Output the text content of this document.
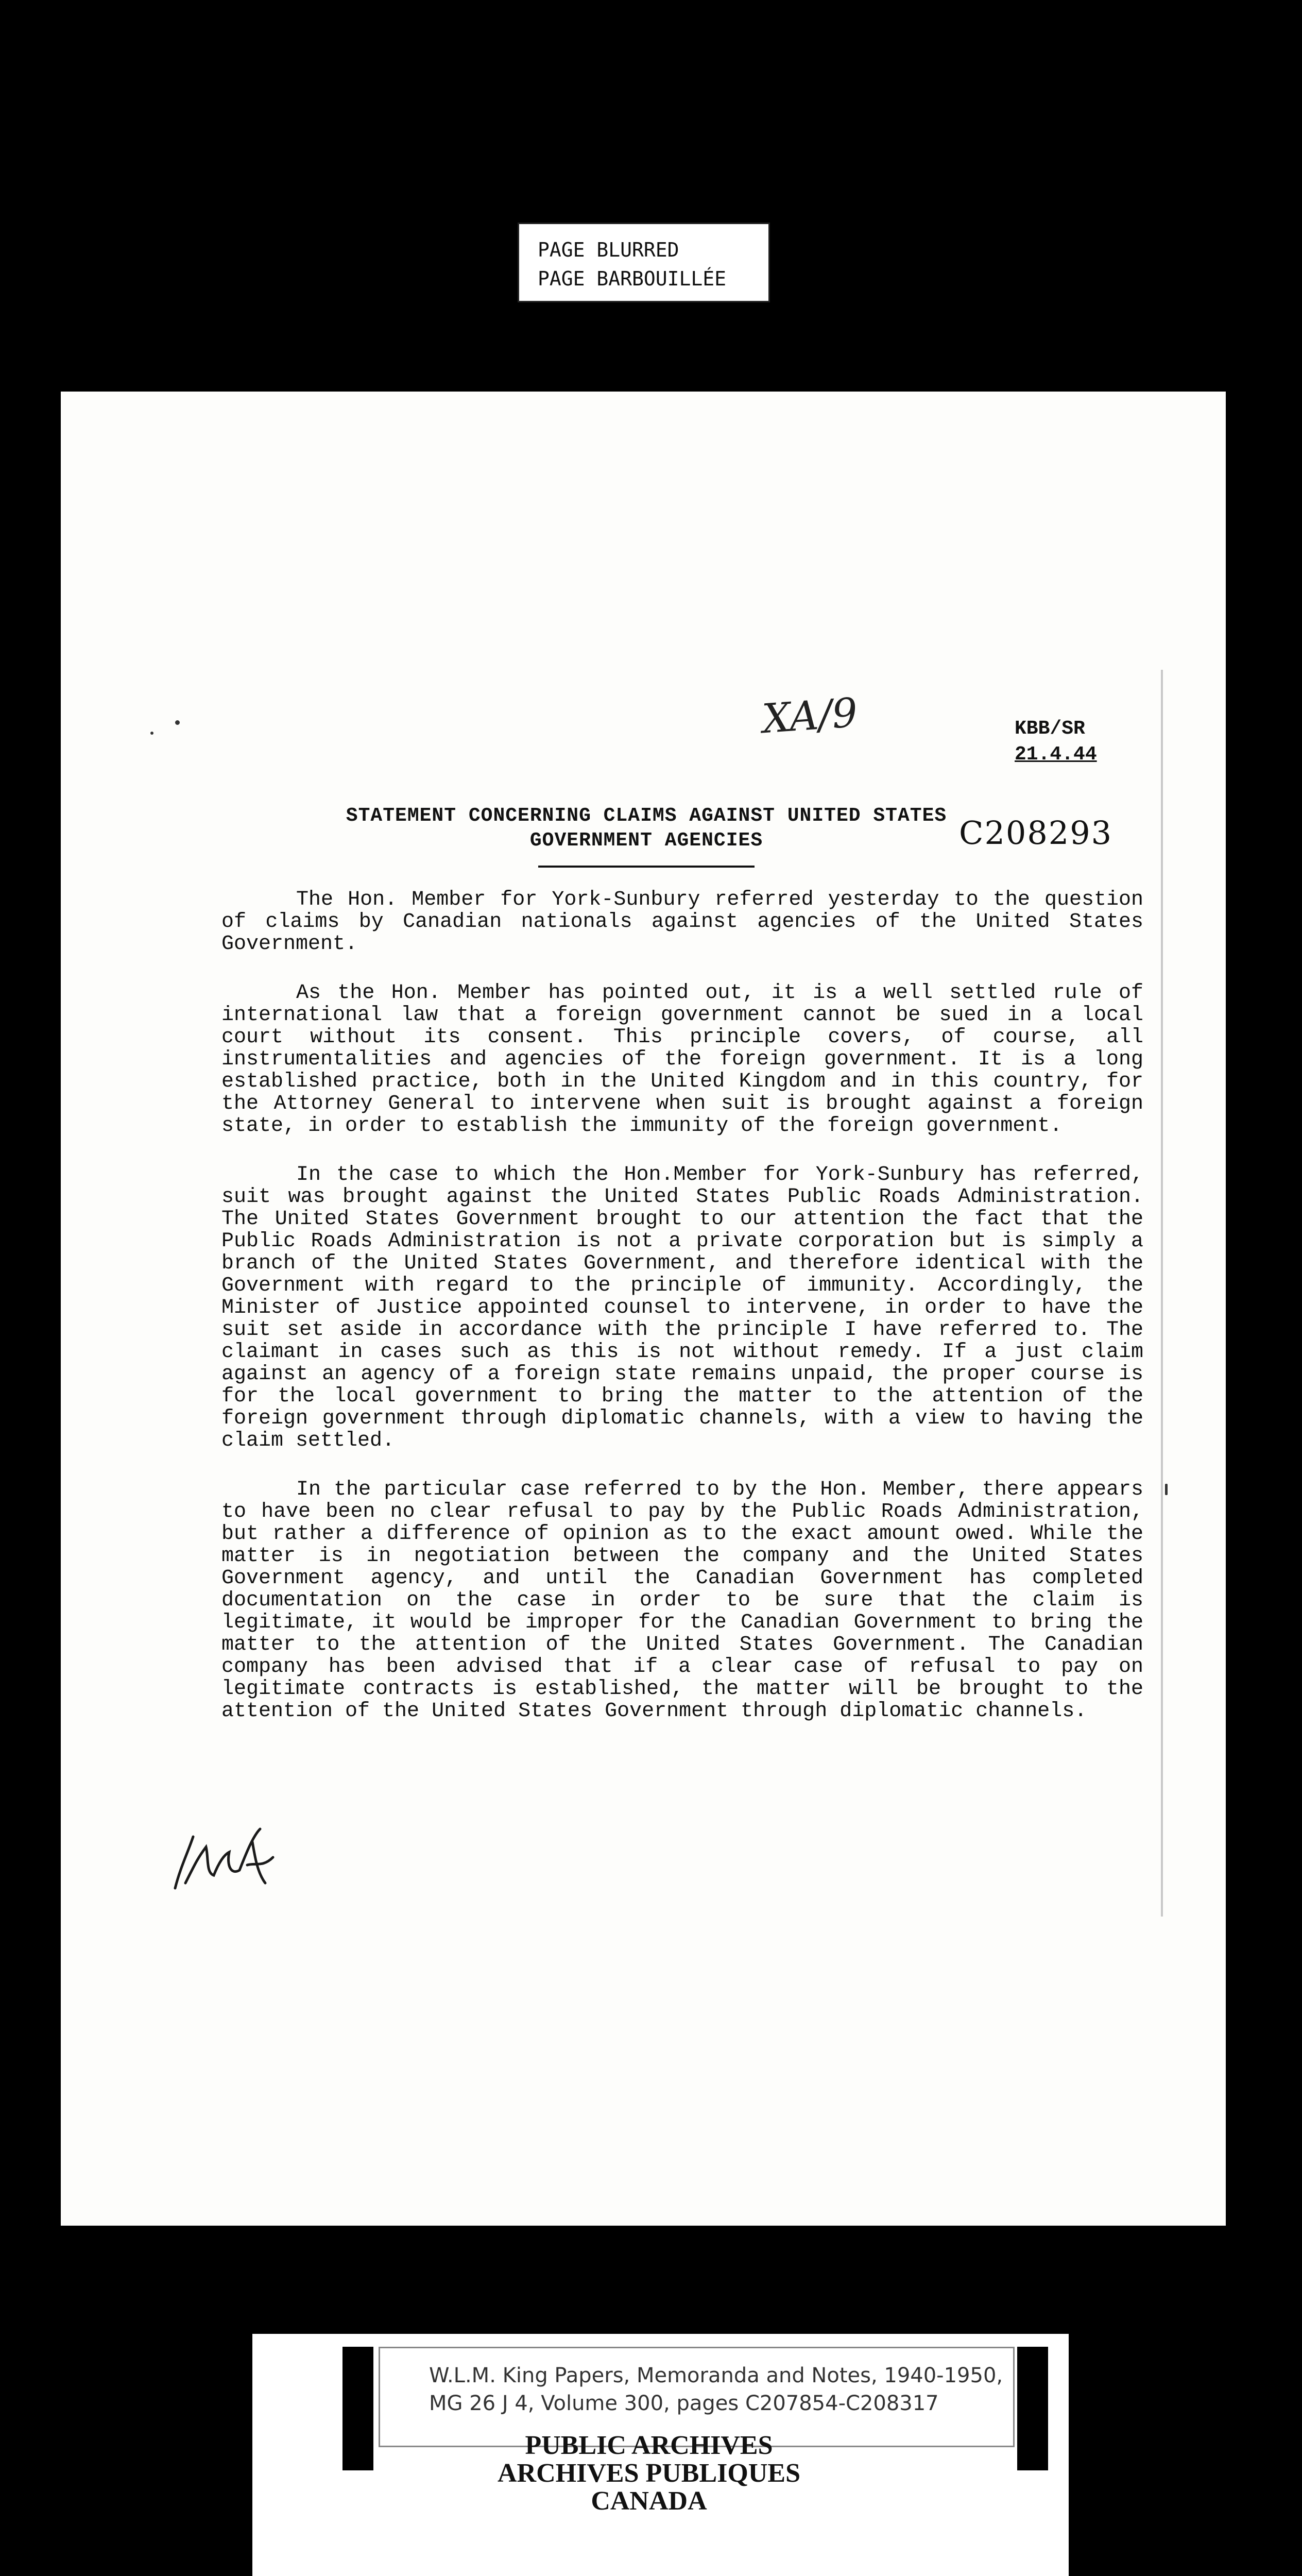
PAGE BLURRED
PAGE BARBOUILLÉE
XA/9	KBB/SR
21.4.44
STATEMENT CONCERNING CLAIMS AGAINST UNITED STATES
GOVERNMENT AGENCIES	C208293

The Hon. Member for York-Sunbury referred yesterday to the question of claims by Canadian nationals against agencies of the United States Government.

As the Hon. Member has pointed out, it is a well settled rule of international law that a foreign government cannot be sued in a local court without its consent. This principle covers, of course, all instrumentalities and agencies of the foreign government. It is a long established practice, both in the United Kingdom and in this country, for the Attorney General to intervene when suit is brought against a foreign state, in order to establish the immunity of the foreign government.

In the case to which the Hon.Member for York-Sunbury has referred, suit was brought against the United States Public Roads Administration. The United States Government brought to our attention the fact that the Public Roads Administration is not a private corporation but is simply a branch of the United States Government, and therefore identical with the Government with regard to the principle of immunity. Accordingly, the Minister of Justice appointed counsel to intervene, in order to have the suit set aside in accordance with the principle I have referred to. The claimant in cases such as this is not without remedy. If a just claim against an agency of a foreign state remains unpaid, the proper course is for the local government to bring the matter to the attention of the foreign government through diplomatic channels, with a view to having the claim settled.

In the particular case referred to by the Hon. Member, there appears to have been no clear refusal to pay by the Public Roads Administration, but rather a difference of opinion as to the exact amount owed. While the matter is in negotiation between the company and the United States Government agency, and until the Canadian Government has completed documentation on the case in order to be sure that the claim is legitimate, it would be improper for the Canadian Government to bring the matter to the attention of the United States Government. The Canadian company has been advised that if a clear case of refusal to pay on legitimate contracts is established, the matter will be brought to the attention of the United States Government through diplomatic channels.

W.L.M. King Papers, Memoranda and Notes, 1940-1950,
MG 26 J 4, Volume 300, pages C207854-C208317
PUBLIC ARCHIVES
ARCHIVES PUBLIQUES
CANADA
